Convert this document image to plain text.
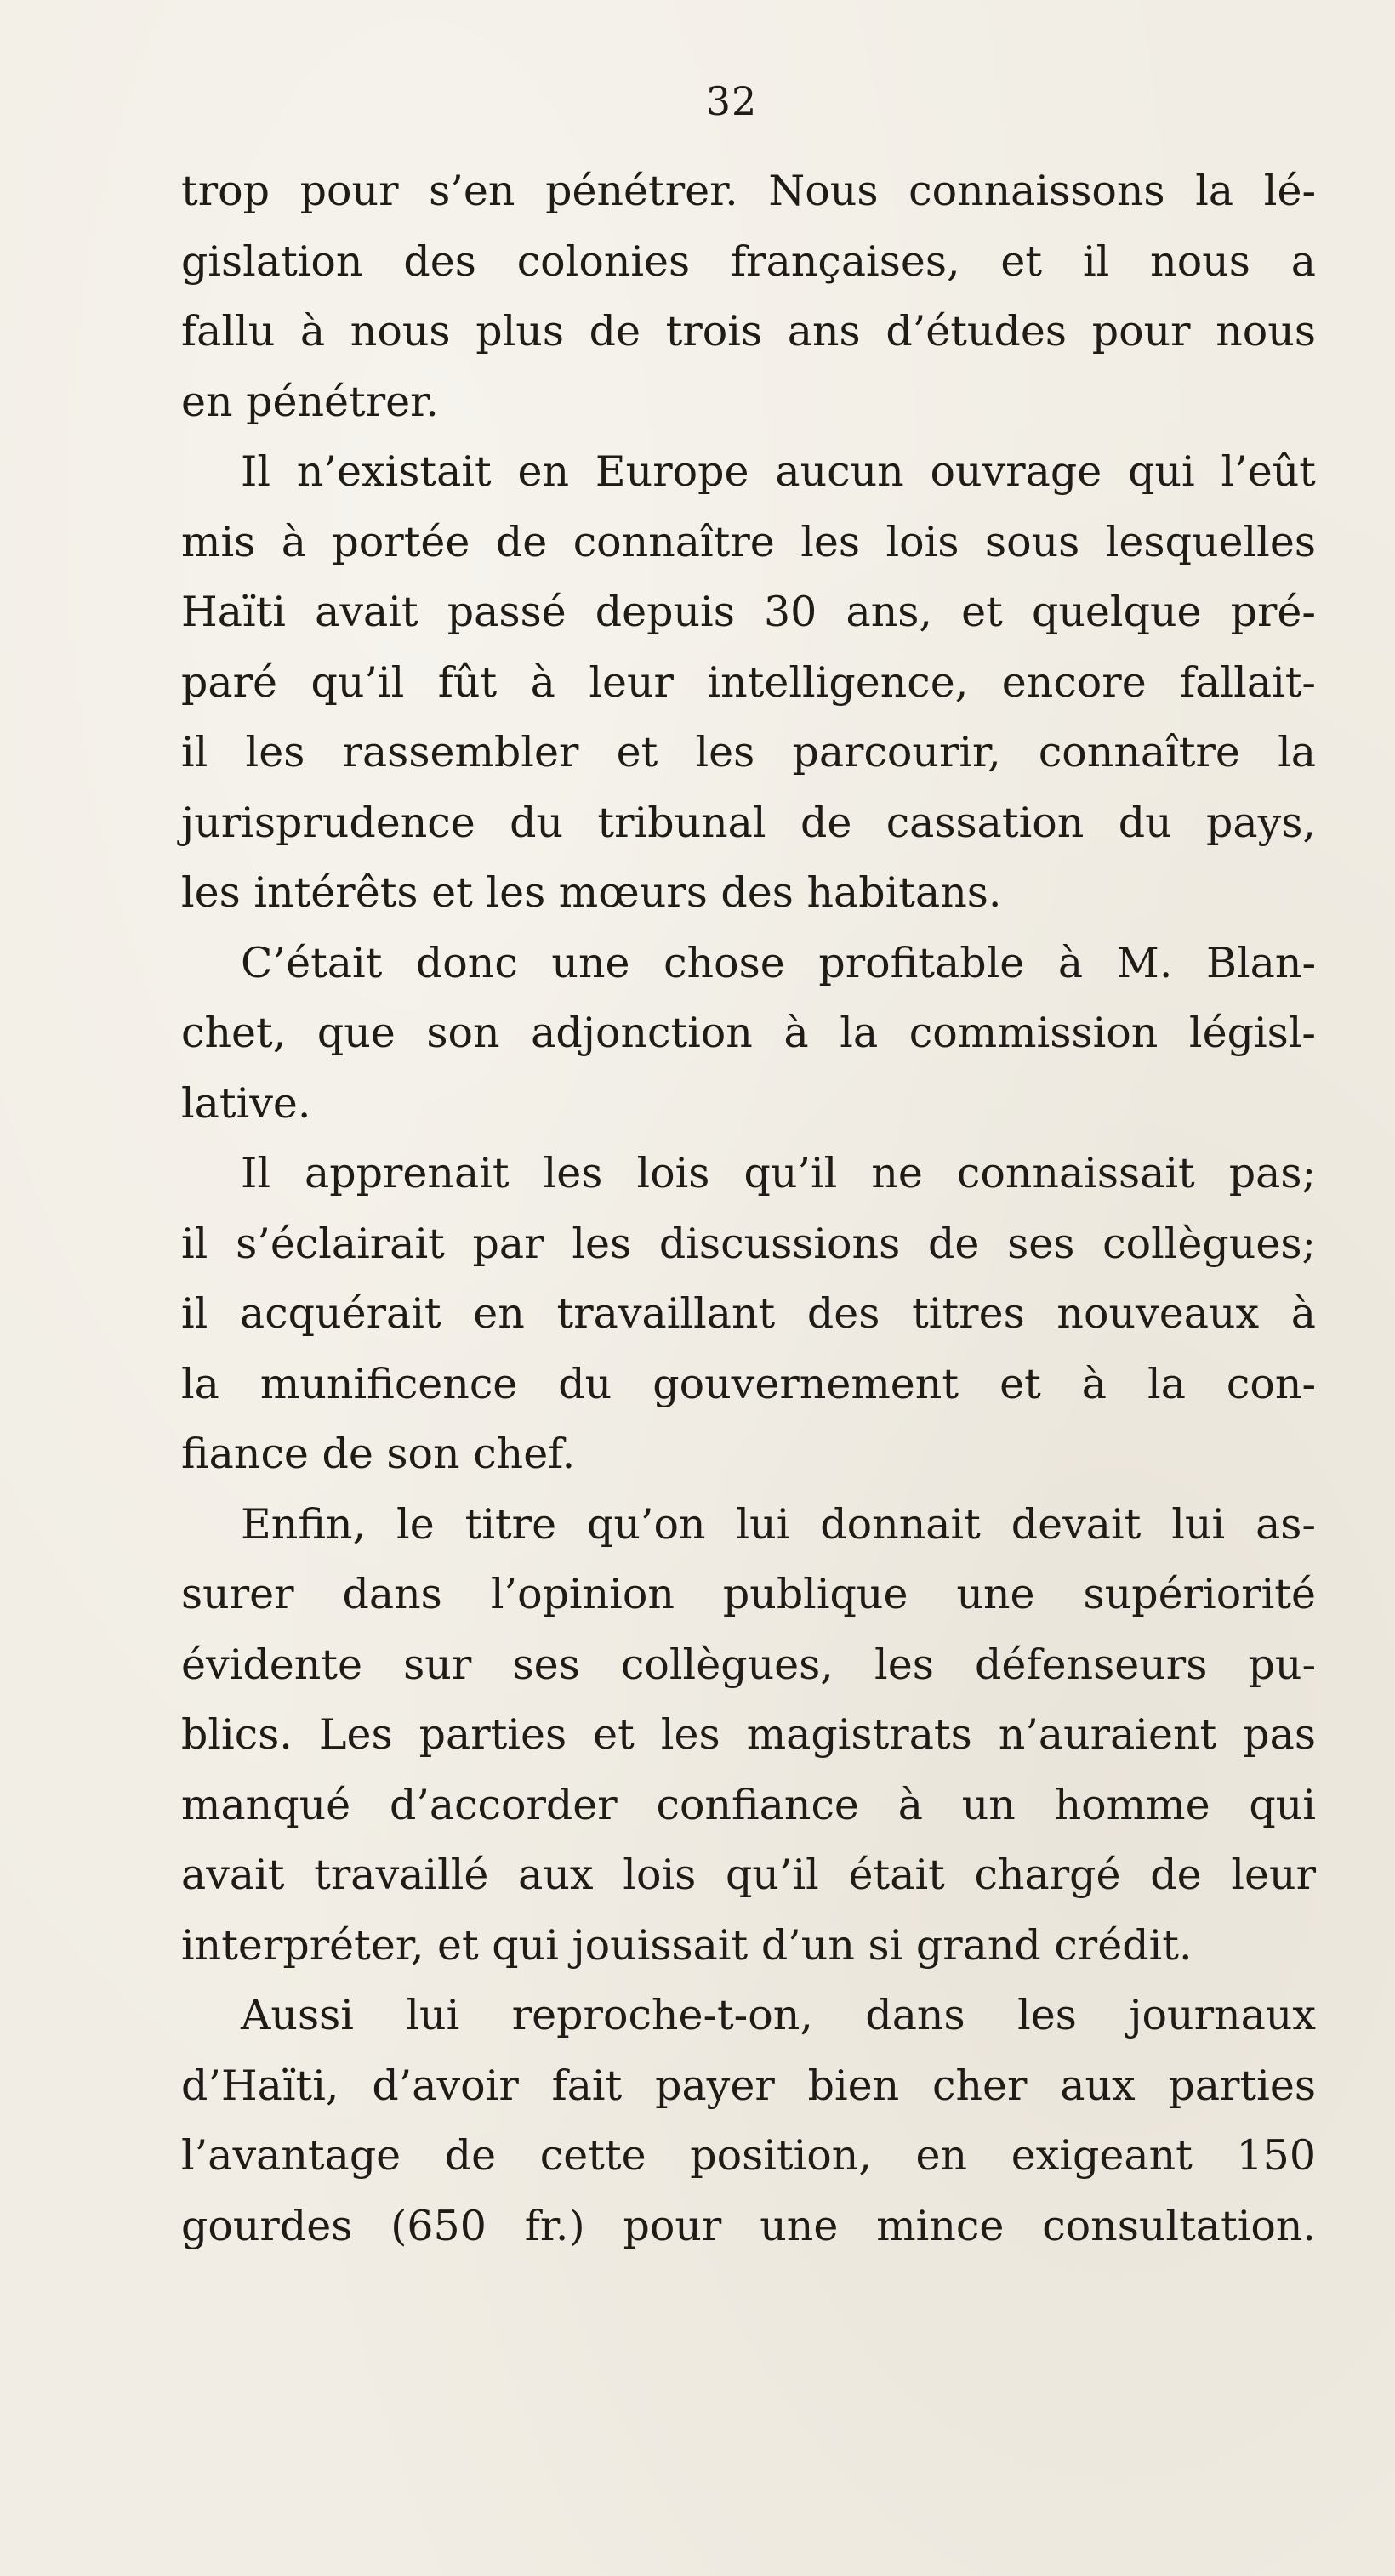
32
trop pour s’en pénétrer. Nous connaissons la lé-
gislation des colonies françaises, et il nous a
fallu à nous plus de trois ans d’études pour nous
en pénétrer.
Il n’existait en Europe aucun ouvrage qui l’eût
mis à portée de connaître les lois sous lesquelles
Haïti avait passé depuis 30 ans, et quelque pré-
paré qu’il fût à leur intelligence, encore fallait-
il les rassembler et les parcourir, connaître la
jurisprudence du tribunal de cassation du pays,
les intérêts et les mœurs des habitans.
C’était donc une chose profitable à M. Blan-
chet, que son adjonction à la commission législ-
lative.
Il apprenait les lois qu’il ne connaissait pas;
il s’éclairait par les discussions de ses collègues;
il acquérait en travaillant des titres nouveaux à
la munificence du gouvernement et à la con-
fiance de son chef.
Enfin, le titre qu’on lui donnait devait lui as-
surer dans l’opinion publique une supériorité
évidente sur ses collègues, les défenseurs pu-
blics. Les parties et les magistrats n’auraient pas
manqué d’accorder confiance à un homme qui
avait travaillé aux lois qu’il était chargé de leur
interpréter, et qui jouissait d’un si grand crédit.
Aussi lui reproche-t-on, dans les journaux
d’Haïti, d’avoir fait payer bien cher aux parties
l’avantage de cette position, en exigeant 150
gourdes (650 fr.) pour une mince consultation.
